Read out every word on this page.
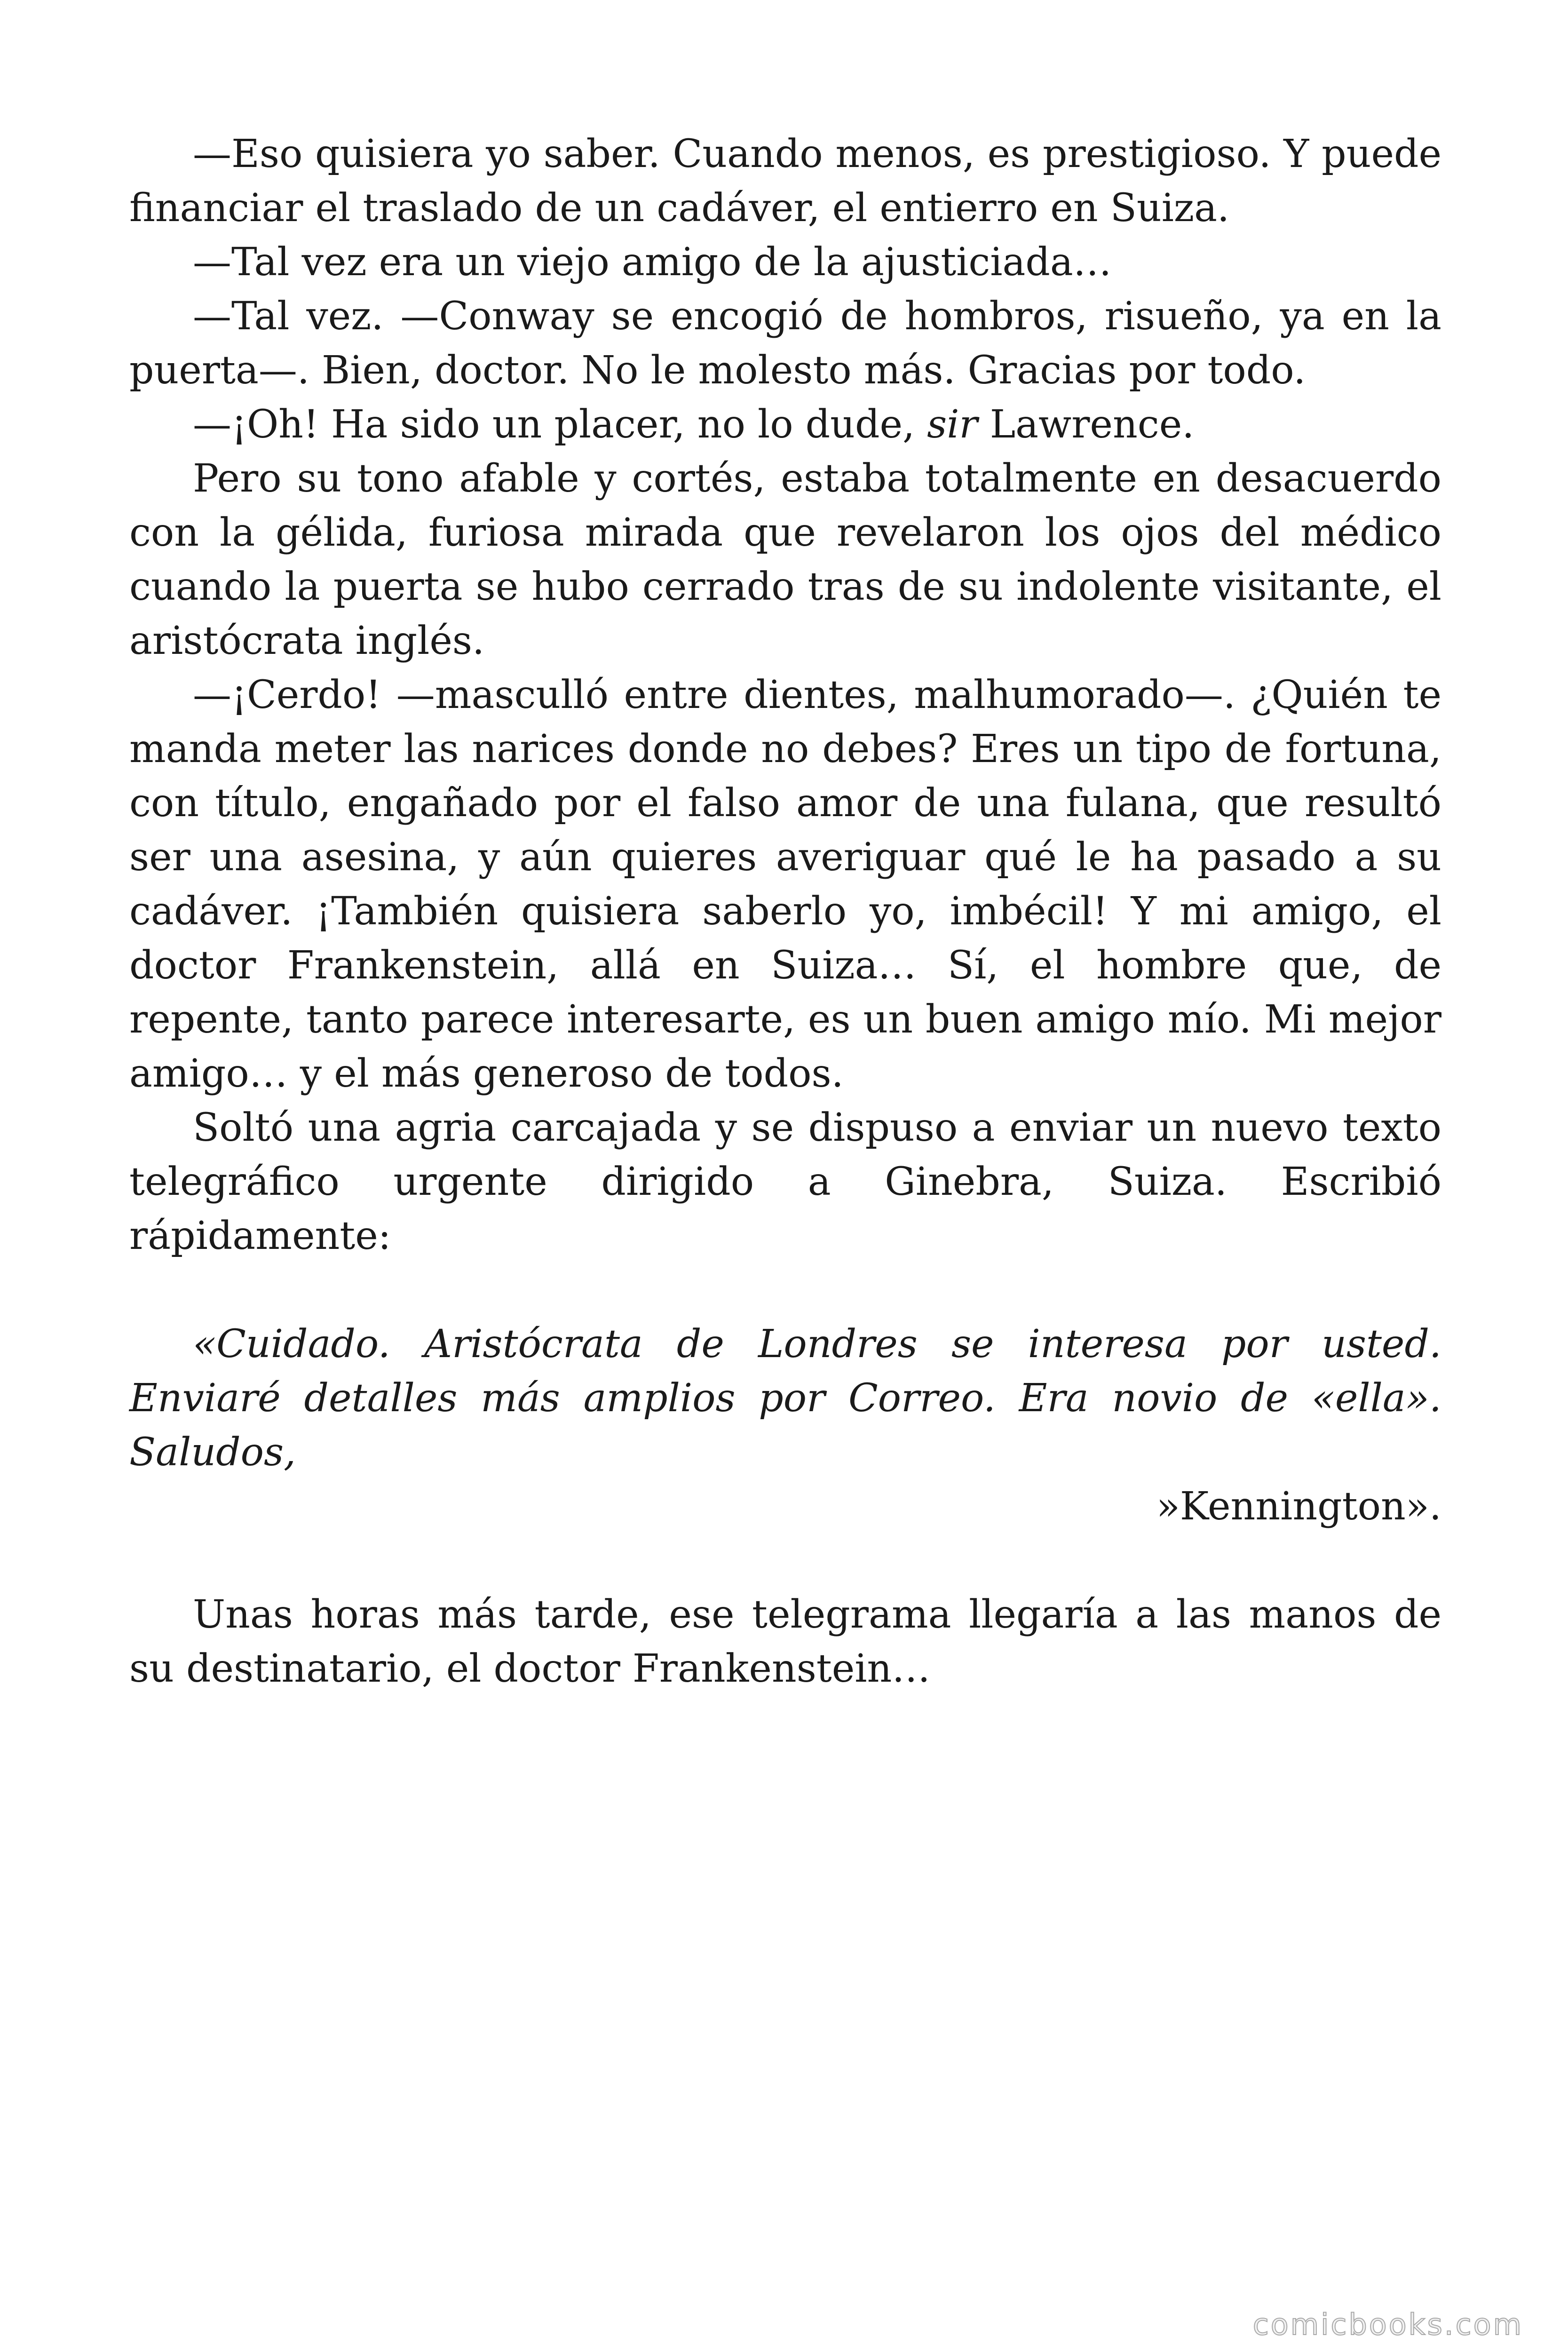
—Eso quisiera yo saber. Cuando menos, es prestigioso. Y puede financiar el traslado de un cadáver, el entierro en Suiza.

—Tal vez era un viejo amigo de la ajusticiada…

—Tal vez. —Conway se encogió de hombros, risueño, ya en la puerta—. Bien, doctor. No le molesto más. Gracias por todo.

—¡Oh! Ha sido un placer, no lo dude, sir Lawrence.

Pero su tono afable y cortés, estaba totalmente en desacuerdo con la gélida, furiosa mirada que revelaron los ojos del médico cuando la puerta se hubo cerrado tras de su indolente visitante, el aristócrata inglés.

—¡Cerdo! —masculló entre dientes, malhumorado—. ¿Quién te manda meter las narices donde no debes? Eres un tipo de fortuna, con título, engañado por el falso amor de una fulana, que resultó ser una asesina, y aún quieres averiguar qué le ha pasado a su cadáver. ¡También quisiera saberlo yo, imbécil! Y mi amigo, el doctor Frankenstein, allá en Suiza… Sí, el hombre que, de repente, tanto parece interesarte, es un buen amigo mío. Mi mejor amigo… y el más generoso de todos.

Soltó una agria carcajada y se dispuso a enviar un nuevo texto telegráfico urgente dirigido a Ginebra, Suiza. Escribió rápidamente:

«Cuidado. Aristócrata de Londres se interesa por usted. Enviaré detalles más amplios por Correo. Era novio de «ella». Saludos,

»Kennington».

Unas horas más tarde, ese telegrama llegaría a las manos de su destinatario, el doctor Frankenstein…

comicbooks.com
